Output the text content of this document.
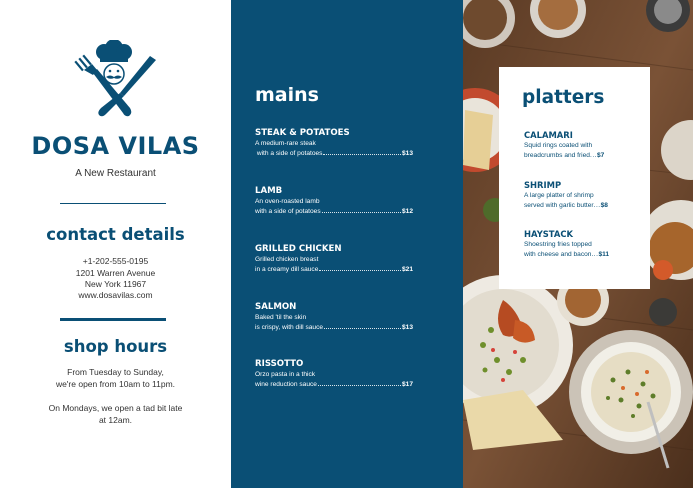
DOSA VILAS
A New Restaurant
contact details
+1-202-555-0195
1201 Warren Avenue
New York 11967
www.dosavilas.com
shop hours
From Tuesday to Sunday,
we're open from 10am to 11pm.
On Mondays, we open a tad bit late
at 12am.
mains
STEAK & POTATOES
A medium-rare steak
with a side of potatoes	$13
LAMB
An oven-roasted lamb
with a side of potatoes	$12
GRILLED CHICKEN
Grilled chicken breast
in a creamy dill sauce	$21
SALMON
Baked 'til the skin
is crispy, with dill sauce	$13
RISSOTTO
Orzo pasta in a thick
wine reduction sauce	$17
platters
CALAMARI
Squid rings coated with
breadcrumbs and fried ... $7
SHRIMP
A large platter of shrimp
served with garlic butter ... $8
HAYSTACK
Shoestring fries topped
with cheese and bacon ... $11
